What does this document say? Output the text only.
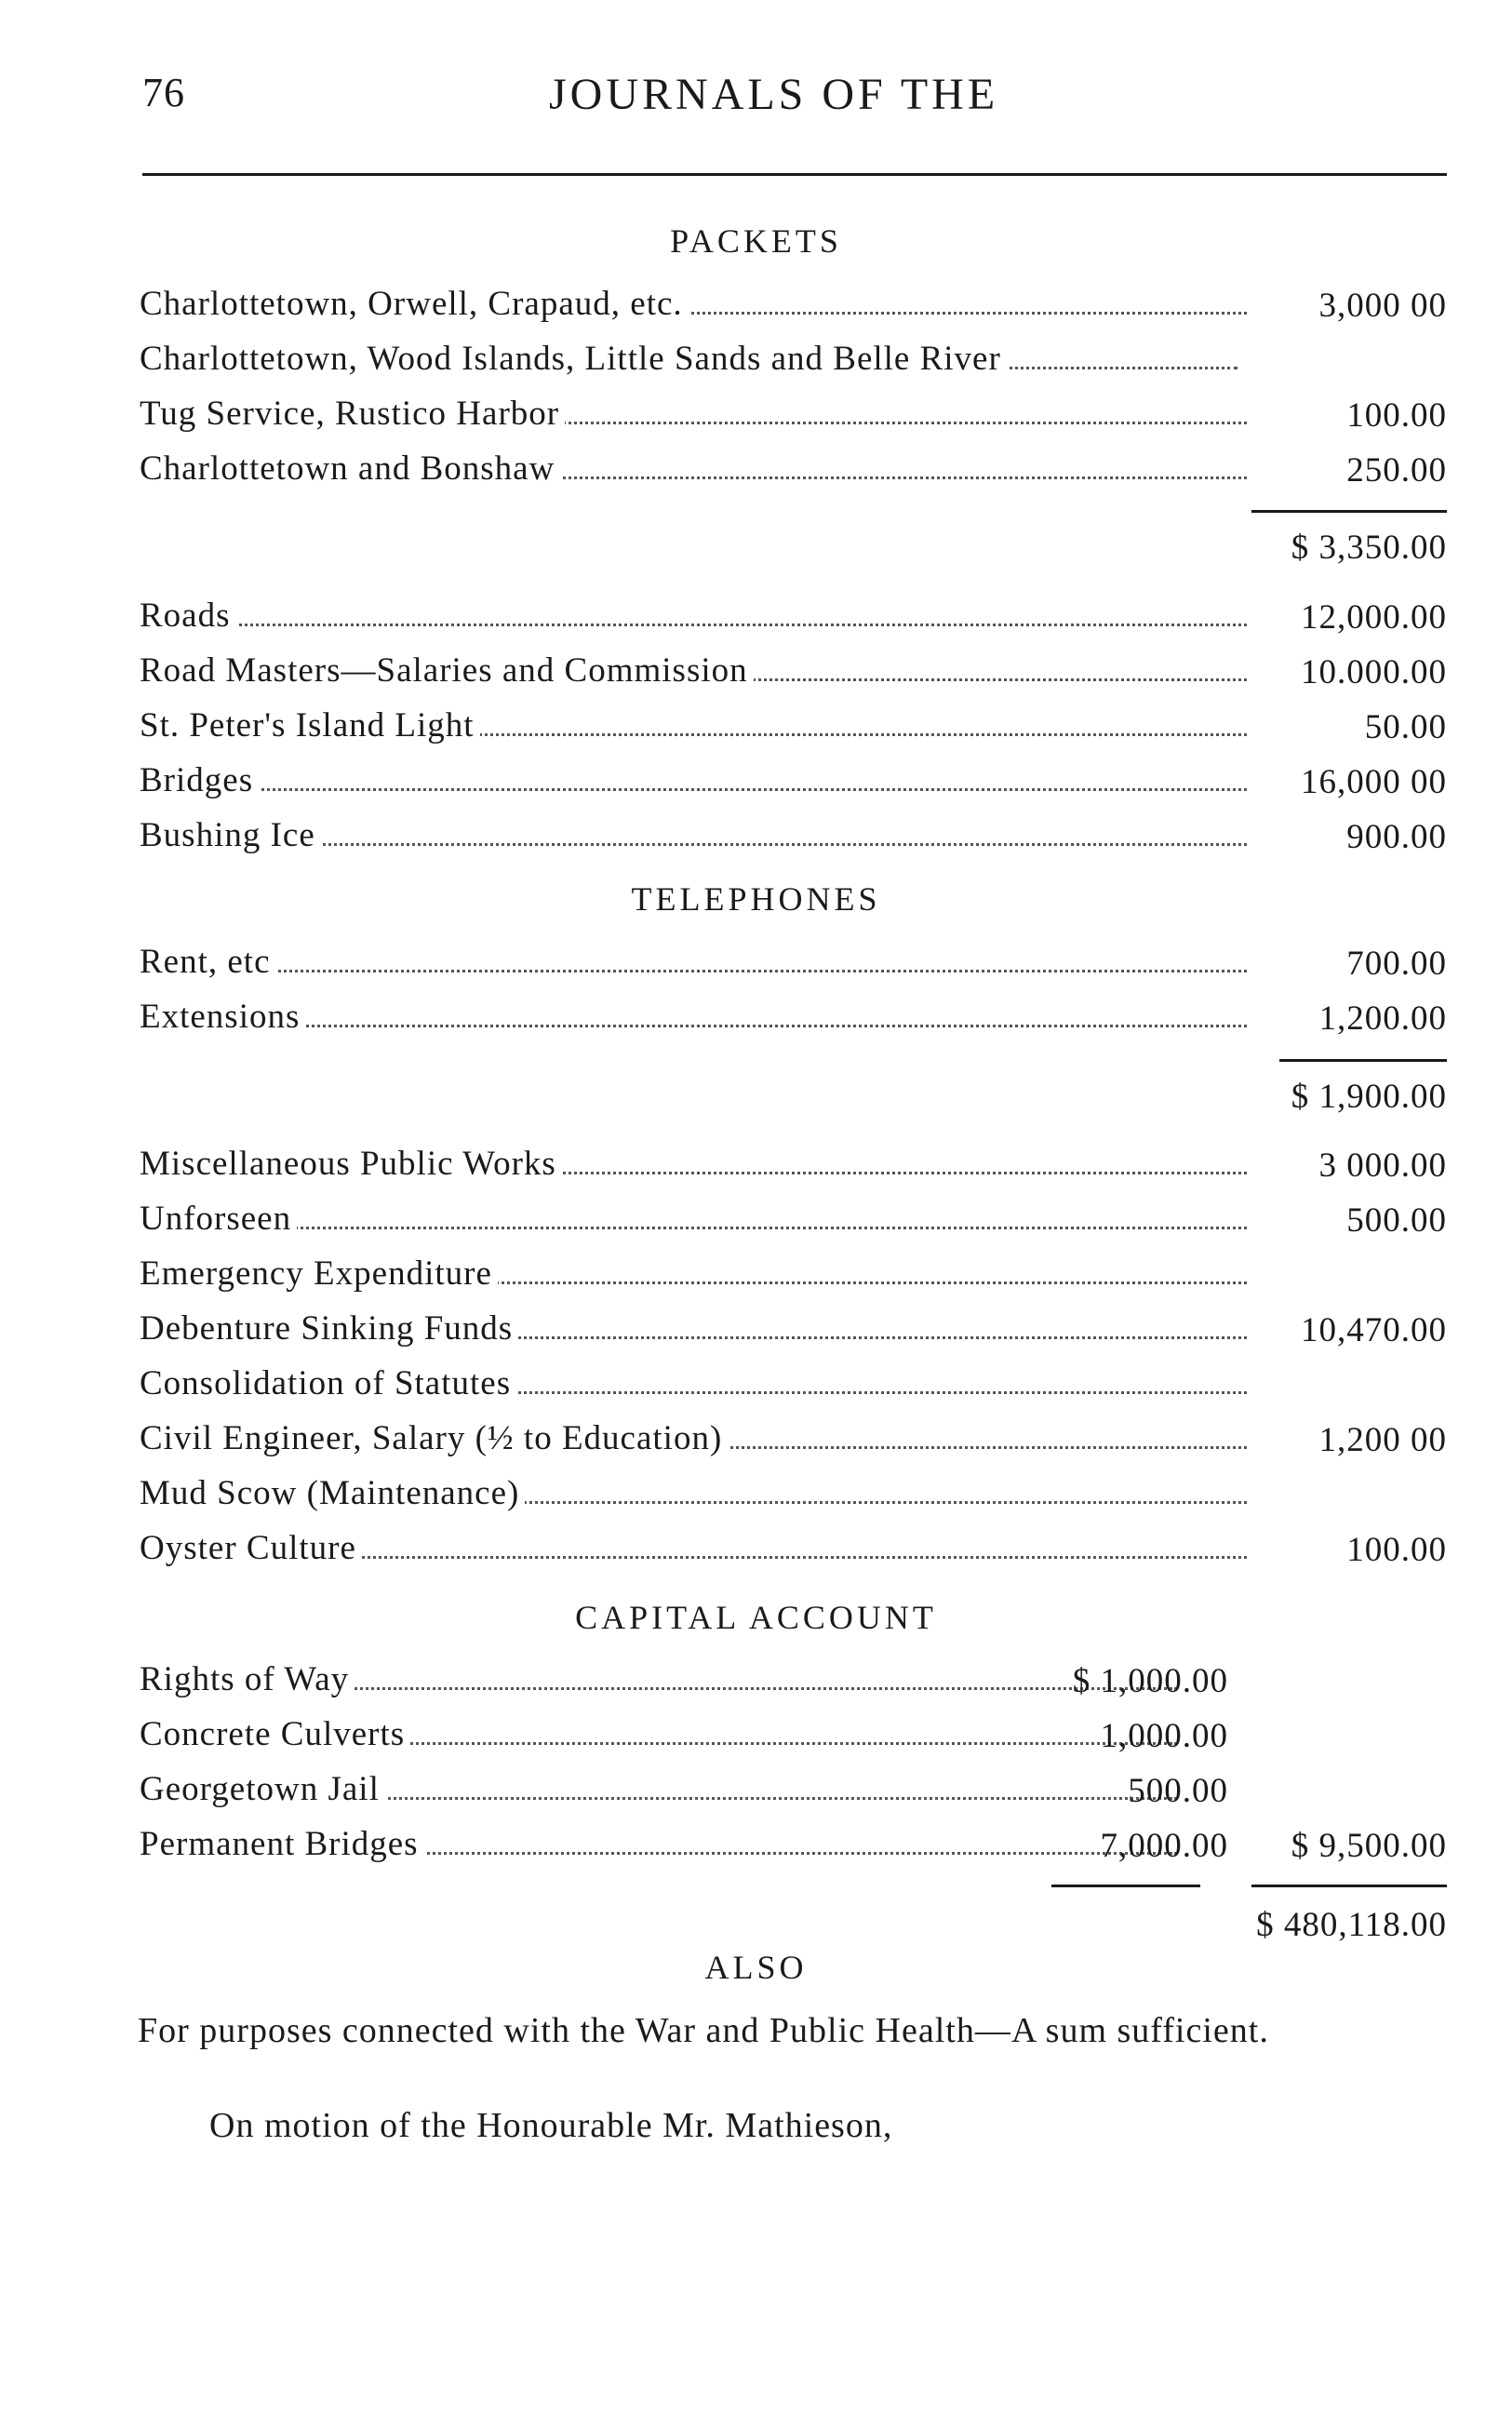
76	JOURNALS OF THE
PACKETS
Charlottetown, Orwell, Crapaud, etc.	3,000 00
Charlottetown, Wood Islands, Little Sands and Belle River
Tug Service, Rustico Harbor	100.00
Charlottetown and Bonshaw	250.00
$ 3,350.00
Roads	12,000.00
Road Masters—Salaries and Commission	10.000.00
St. Peter's Island Light	50.00
Bridges	16,000 00
Bushing Ice	900.00
TELEPHONES
Rent, etc	700.00
Extensions	1,200.00
$ 1,900.00
Miscellaneous Public Works	3 000.00
Unforseen	500.00
Emergency Expenditure
Debenture Sinking Funds	10,470.00
Consolidation of Statutes
Civil Engineer, Salary (½ to Education)	1,200 00
Mud Scow (Maintenance)
Oyster Culture	100.00
CAPITAL ACCOUNT
Rights of Way	$ 1,000.00
Concrete Culverts	1,000.00
Georgetown Jail	500.00
Permanent Bridges	7,000.00	$ 9,500.00
$ 480,118.00
ALSO
For purposes connected with the War and Public Health—A sum sufficient.
On motion of the Honourable Mr. Mathieson,
